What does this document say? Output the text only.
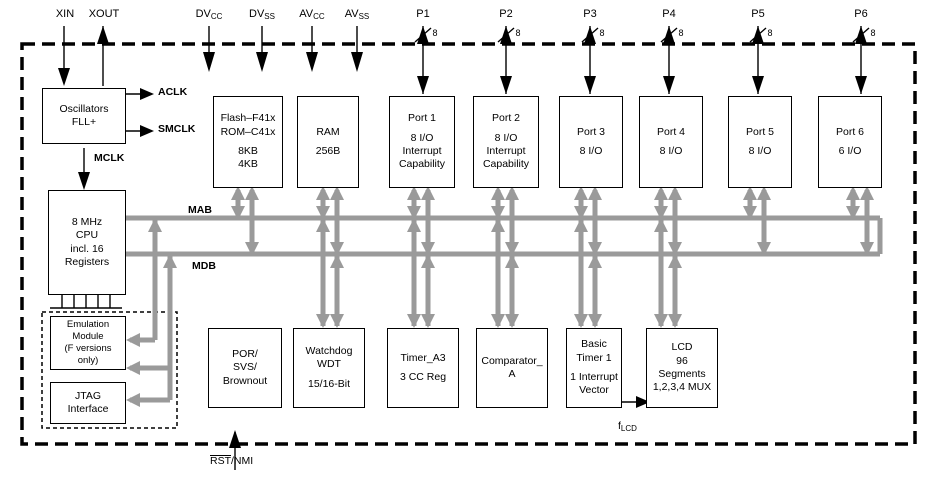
XIN	XOUT	$DV_{CC}$	$DV_{SS}$	$AV_{CC}$	$AV_{SS}$	P1
8
P2
8
P3
8
P4
8
P5
8
P6
8
ACLK
SMCLK
MCLK
MAB
MDB
RST/NMI
$f_{LCD}$
Oscillators
FLL+
8 MHz
CPU
incl. 16
Registers
Emulation
Module
(F versions
only)
JTAG
Interface
Flash–F41x
ROM–C41x
8KB
4KB
RAM
256B
Port 1
8 I/O
Interrupt
Capability
Port 2
8 I/O
Interrupt
Capability
Port 3
8 I/O
Port 4
8 I/O
Port 5
8 I/O
Port 6
6 I/O
POR/
SVS/
Brownout
Watchdog
WDT
15/16-Bit
Timer_A3
3 CC Reg
Comparator_
A
Basic
Timer 1
1 Interrupt
Vector
LCD
96
Segments
1,2,3,4 MUX
